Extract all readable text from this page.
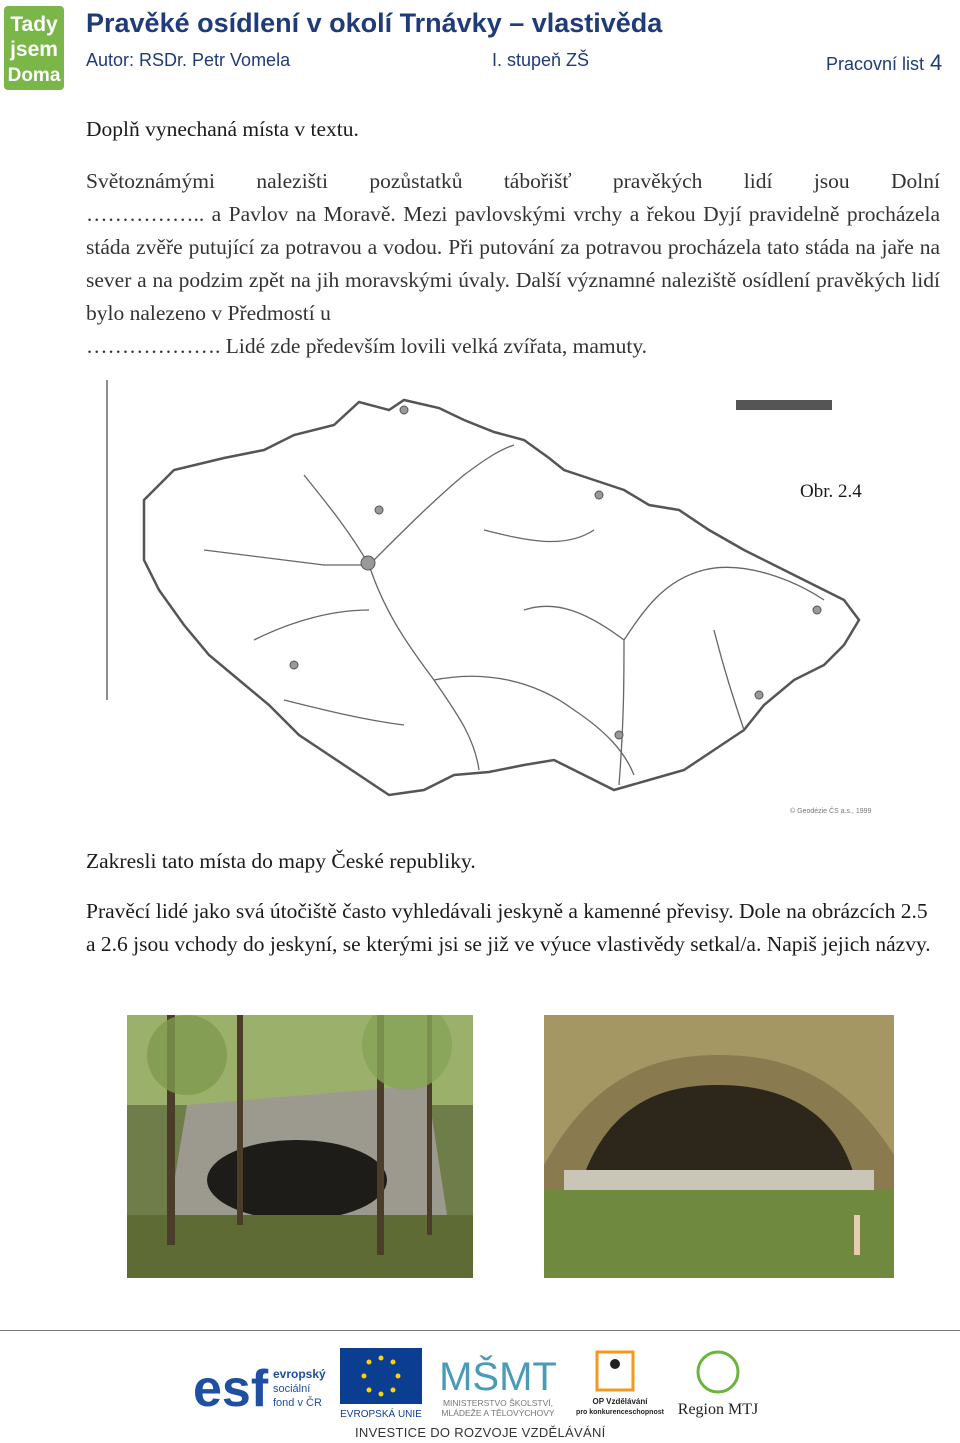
Tady
jsem
Doma
Pravěké osídlení v okolí Trnávky – vlastivěda
Autor: RSDr. Petr Vomela	I. stupeň ZŠ	Pracovní list 4

Doplň vynechaná místa v textu.

Světoznámými nalezišti pozůstatků tábořišť pravěkých lidí jsou Dolní
…………….. a Pavlov na Moravě. Mezi pavlovskými vrchy a řekou Dyjí pravidelně procházela stáda zvěře putující za potravou a vodou. Při putování za potravou procházela tato stáda na jaře na sever a na podzim zpět na jih moravskými úvaly. Další významné naleziště osídlení pravěkých lidí bylo nalezeno v Předmostí u
………………. Lidé zde především lovili velká zvířata, mamuty.

Obr. 2.4
© Geodézie ČS a.s., 1999

Zakresli tato místa do mapy České republiky.

Pravěcí lidé jako svá útočiště často vyhledávali jeskyně a kamenné převisy. Dole na obrázcích 2.5 a 2.6 jsou vchody do jeskyní, se kterými jsi se již ve výuce vlastivědy setkal/a. Napiš jejich názvy.

esf evropský
sociální
fond v ČR
EVROPSKÁ UNIE
MŠMT
MINISTERSTVO ŠKOLSTVÍ,
MLÁDEŽE A TĚLOVÝCHOVY
OP Vzdělávání
pro konkurenceschopnost Region MTJ
INVESTICE DO ROZVOJE VZDĚLÁVÁNÍ
